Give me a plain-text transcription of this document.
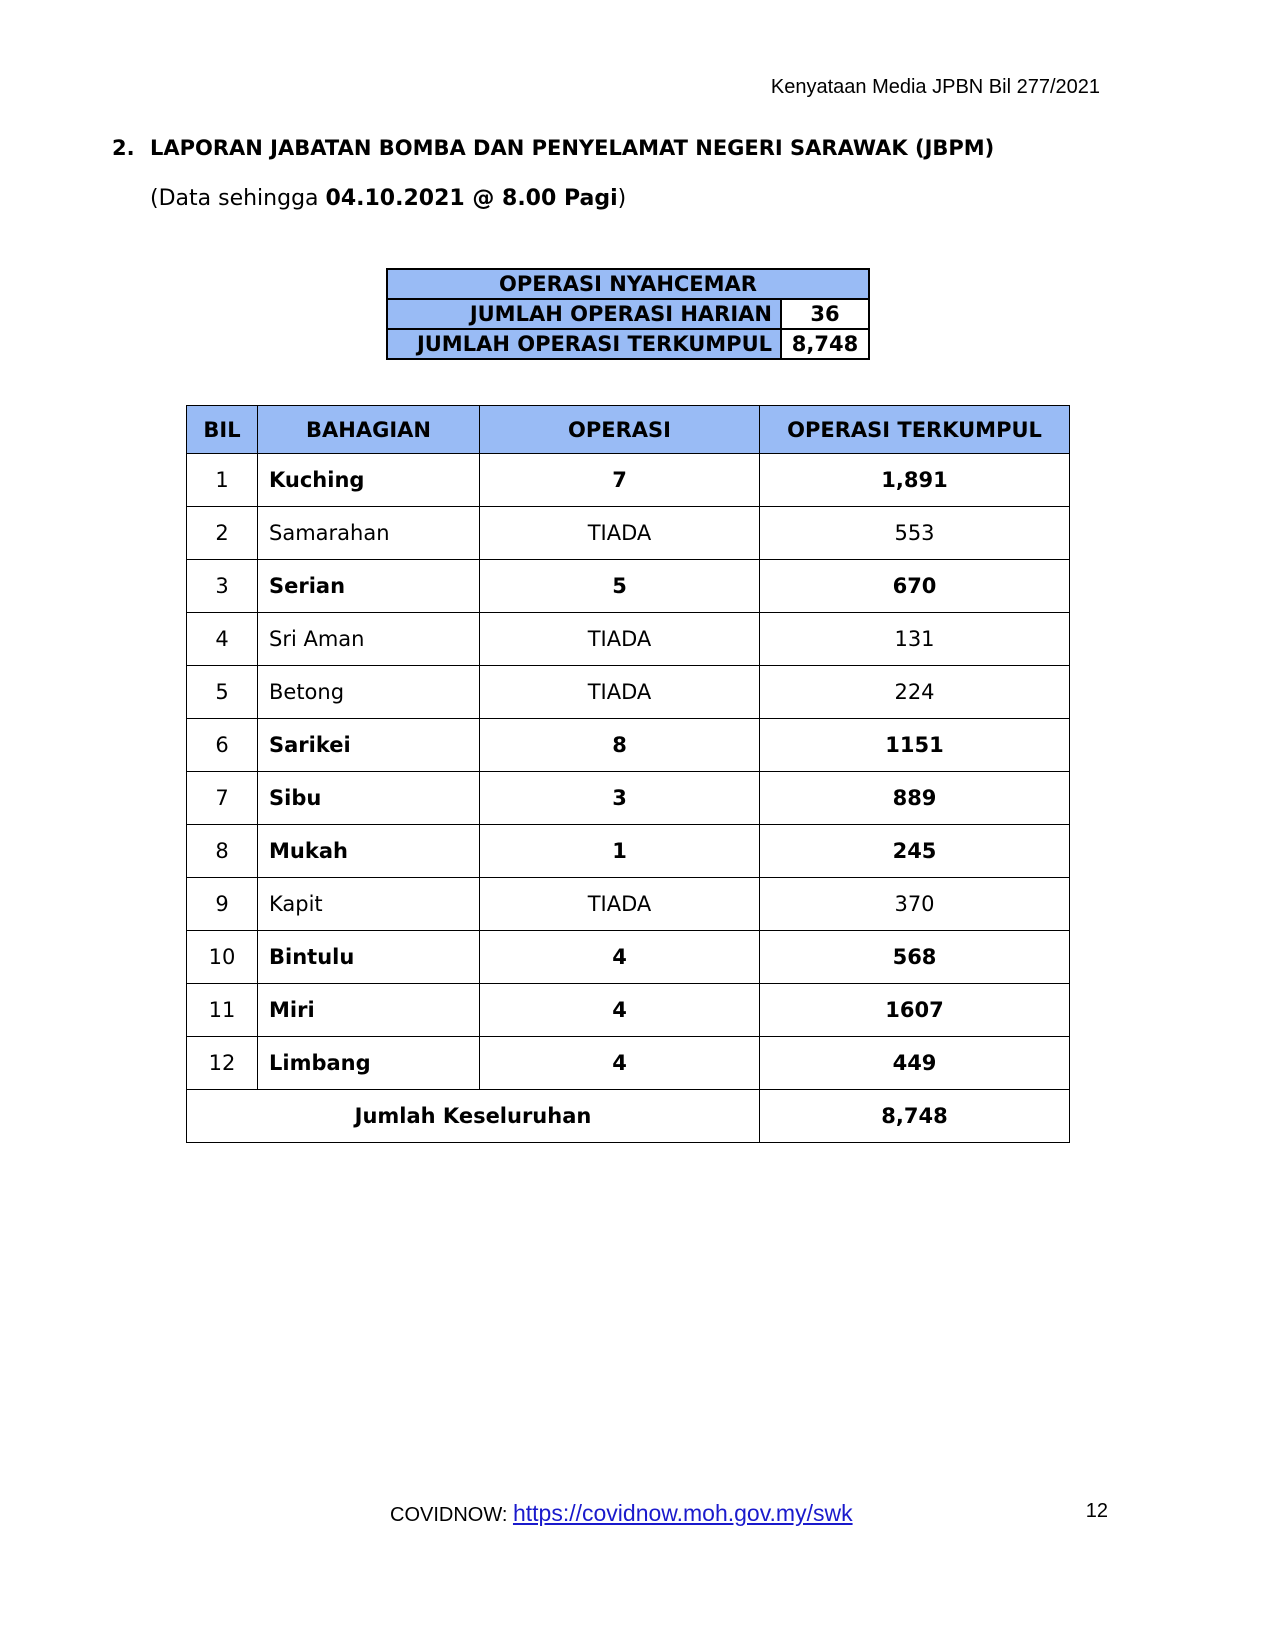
Kenyataan Media JPBN Bil 277/2021
2. LAPORAN JABATAN BOMBA DAN PENYELAMAT NEGERI SARAWAK (JBPM)
(Data sehingga 04.10.2021 @ 8.00 Pagi)
OPERASI NYAHCEMAR	
JUMLAH OPERASI HARIAN	36
JUMLAH OPERASI TERKUMPUL	8,748
BIL	BAHAGIAN	OPERASI	OPERASI TERKUMPUL
1	Kuching	7	1,891
2	Samarahan	TIADA	553
3	Serian	5	670
4	Sri Aman	TIADA	131
5	Betong	TIADA	224
6	Sarikei	8	1151
7	Sibu	3	889
8	Mukah	1	245
9	Kapit	TIADA	370
10	Bintulu	4	568
11	Miri	4	1607
12	Limbang	4	449
Jumlah Keseluruhan			8,748
COVIDNOW: https://covidnow.moh.gov.my/swk	12
